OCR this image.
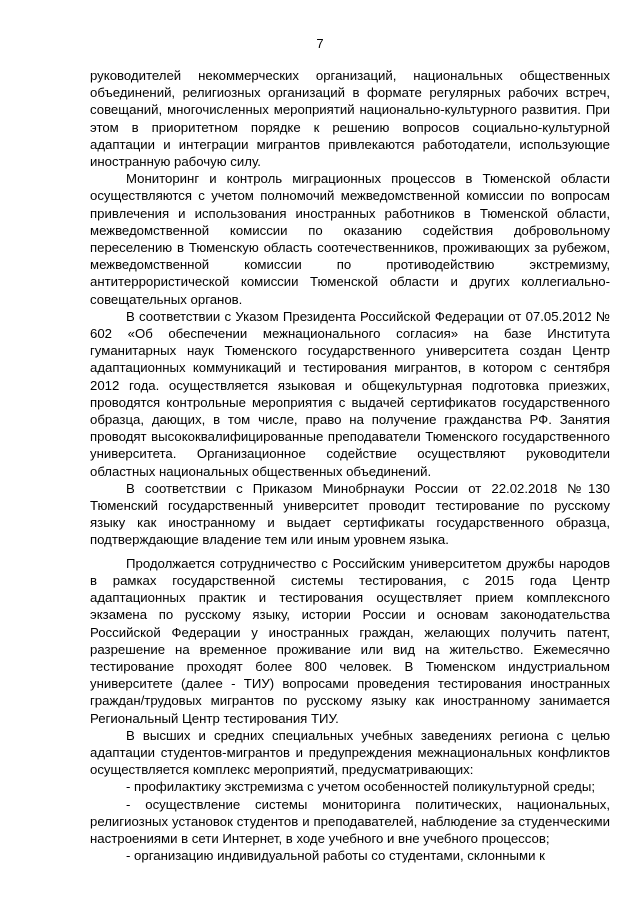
7

руководителей некоммерческих организаций, национальных общественных объединений, религиозных организаций в формате регулярных рабочих встреч, совещаний, многочисленных мероприятий национально-культурного развития. При этом в приоритетном порядке к решению вопросов социально-культурной адаптации и интеграции мигрантов привлекаются работодатели, использующие иностранную рабочую силу.

Мониторинг и контроль миграционных процессов в Тюменской области осуществляются с учетом полномочий межведомственной комиссии по вопросам привлечения и использования иностранных работников в Тюменской области, межведомственной комиссии по оказанию содействия добровольному переселению в Тюменскую область соотечественников, проживающих за рубежом, межведомственной комиссии по противодействию экстремизму, антитеррористической комиссии Тюменской области и других коллегиально-совещательных органов.

В соответствии с Указом Президента Российской Федерации от 07.05.2012 № 602 «Об обеспечении межнационального согласия» на базе Института гуманитарных наук Тюменского государственного университета создан Центр адаптационных коммуникаций и тестирования мигрантов, в котором с сентября 2012 года. осуществляется языковая и общекультурная подготовка приезжих, проводятся контрольные мероприятия с выдачей сертификатов государственного образца, дающих, в том числе, право на получение гражданства РФ. Занятия проводят высококвалифицированные преподаватели Тюменского государственного университета. Организационное содействие осуществляют руководители областных национальных общественных объединений.

В соответствии с Приказом Минобрнауки России от 22.02.2018 №130 Тюменский государственный университет проводит тестирование по русскому языку как иностранному и выдает сертификаты государственного образца, подтверждающие владение тем или иным уровнем языка.

Продолжается сотрудничество с Российским университетом дружбы народов в рамках государственной системы тестирования, с 2015 года Центр адаптационных практик и тестирования осуществляет прием комплексного экзамена по русскому языку, истории России и основам законодательства Российской Федерации у иностранных граждан, желающих получить патент, разрешение на временное проживание или вид на жительство. Ежемесячно тестирование проходят более 800 человек. В Тюменском индустриальном университете (далее - ТИУ) вопросами проведения тестирования иностранных граждан/трудовых мигрантов по русскому языку как иностранному занимается Региональный Центр тестирования ТИУ.

В высших и средних специальных учебных заведениях региона с целью адаптации студентов-мигрантов и предупреждения межнациональных конфликтов осуществляется комплекс мероприятий, предусматривающих:

- профилактику экстремизма с учетом особенностей поликультурной среды;

- осуществление системы мониторинга политических, национальных, религиозных установок студентов и преподавателей, наблюдение за студенческими настроениями в сети Интернет, в ходе учебного и вне учебного процессов;

- организацию индивидуальной работы со студентами, склонными к
